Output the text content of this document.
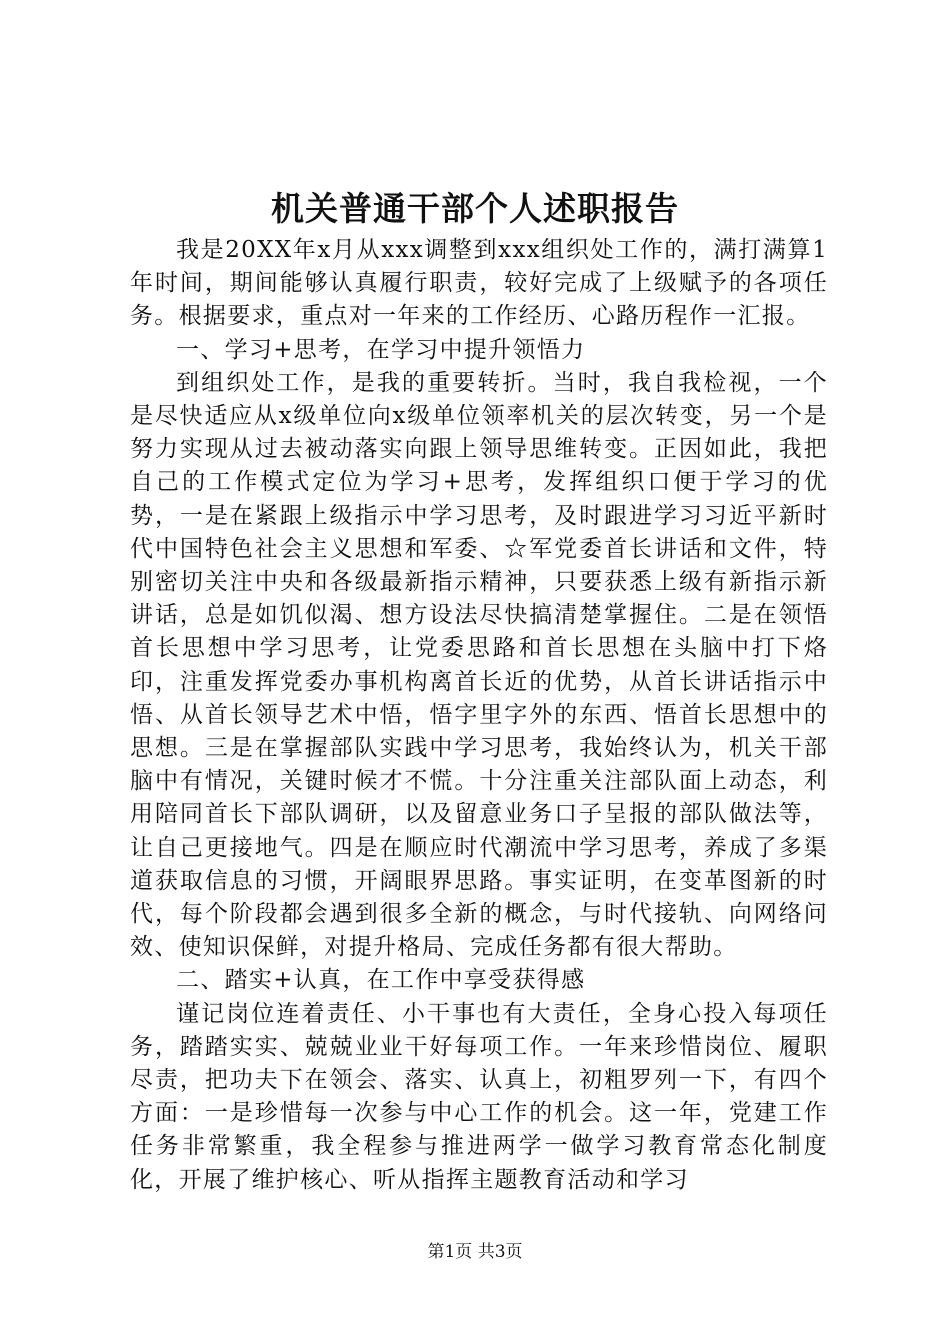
机关普通干部个人述职报告

我是20XX年x月从xxx调整到xxx组织处工作的，满打满算1年时间，期间能够认真履行职责，较好完成了上级赋予的各项任务。根据要求，重点对一年来的工作经历、心路历程作一汇报。

一、学习+思考，在学习中提升领悟力

到组织处工作，是我的重要转折。当时，我自我检视，一个是尽快适应从x级单位向x级单位领率机关的层次转变，另一个是努力实现从过去被动落实向跟上领导思维转变。正因如此，我把自己的工作模式定位为学习+思考，发挥组织口便于学习的优势，一是在紧跟上级指示中学习思考，及时跟进学习习近平新时代中国特色社会主义思想和军委、☆军党委首长讲话和文件，特别密切关注中央和各级最新指示精神，只要获悉上级有新指示新讲话，总是如饥似渴、想方设法尽快搞清楚掌握住。二是在领悟首长思想中学习思考，让党委思路和首长思想在头脑中打下烙印，注重发挥党委办事机构离首长近的优势，从首长讲话指示中悟、从首长领导艺术中悟，悟字里字外的东西、悟首长思想中的思想。三是在掌握部队实践中学习思考，我始终认为，机关干部脑中有情况，关键时候才不慌。十分注重关注部队面上动态，利用陪同首长下部队调研，以及留意业务口子呈报的部队做法等，让自己更接地气。四是在顺应时代潮流中学习思考，养成了多渠道获取信息的习惯，开阔眼界思路。事实证明，在变革图新的时代，每个阶段都会遇到很多全新的概念，与时代接轨、向网络问效、使知识保鲜，对提升格局、完成任务都有很大帮助。

二、踏实+认真，在工作中享受获得感

谨记岗位连着责任、小干事也有大责任，全身心投入每项任务，踏踏实实、兢兢业业干好每项工作。一年来珍惜岗位、履职尽责，把功夫下在领会、落实、认真上，初粗罗列一下，有四个方面：一是珍惜每一次参与中心工作的机会。这一年，党建工作任务非常繁重，我全程参与推进两学一做学习教育常态化制度化，开展了维护核心、听从指挥主题教育活动和学习

第1页 共3页
